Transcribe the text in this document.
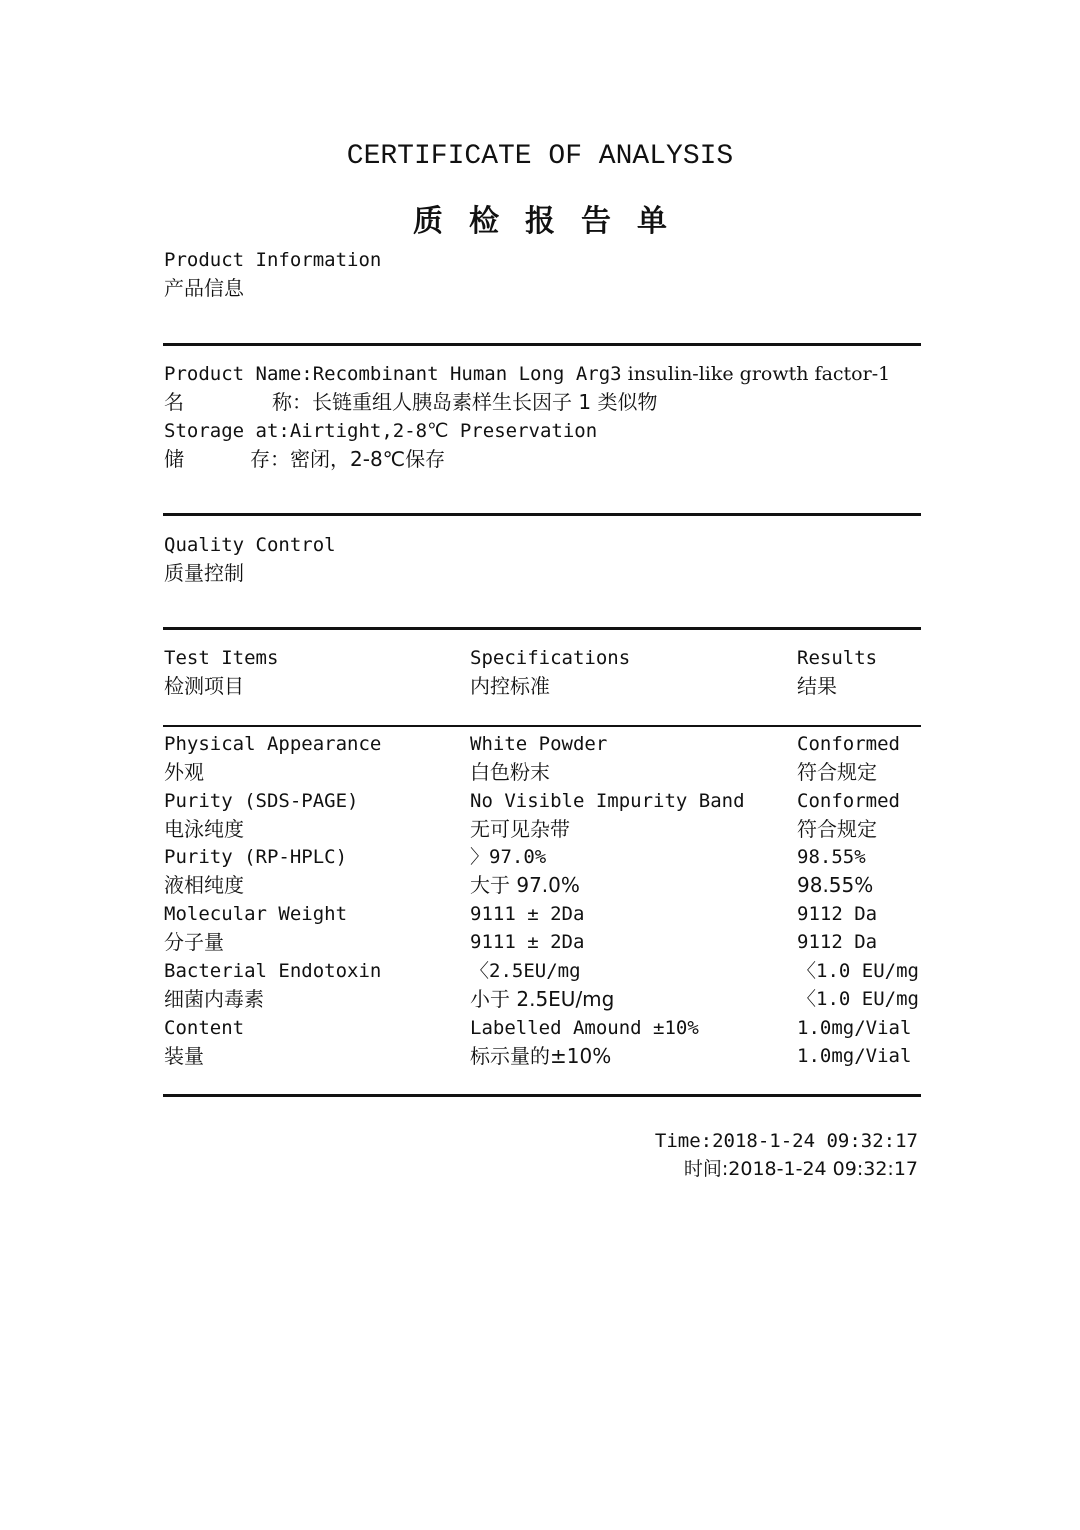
CERTIFICATE OF ANALYSIS
质 检 报 告 单
Product Information
产品信息
Product Name:Recombinant Human Long Arg3 insulin-like growth factor-1
名	称：长链重组人胰岛素样生长因子 1 类似物
Storage at:Airtight,2-8℃ Preservation
储	存：密闭，2-8℃保存
Quality Control
质量控制
Test Items	Specifications	Results
检测项目	内控标准	结果
Physical Appearance	White Powder	Conformed
外观	白色粉末	符合规定
Purity (SDS-PAGE)	No Visible Impurity Band	Conformed
电泳纯度	无可见杂带	符合规定
Purity (RP-HPLC)	〉97.0%	98.55%
液相纯度	大于 97.0%	98.55%
Molecular Weight	9111 ± 2Da	9112 Da
分子量	9111 ± 2Da	9112 Da
Bacterial Endotoxin	〈2.5EU/mg	〈1.0 EU/mg
细菌内毒素	小于 2.5EU/mg	〈1.0 EU/mg
Content	Labelled Amound ±10%	1.0mg/Vial
装量	标示量的±10%	1.0mg/Vial
Time:2018-1-24 09:32:17
时间:2018-1-24 09:32:17
